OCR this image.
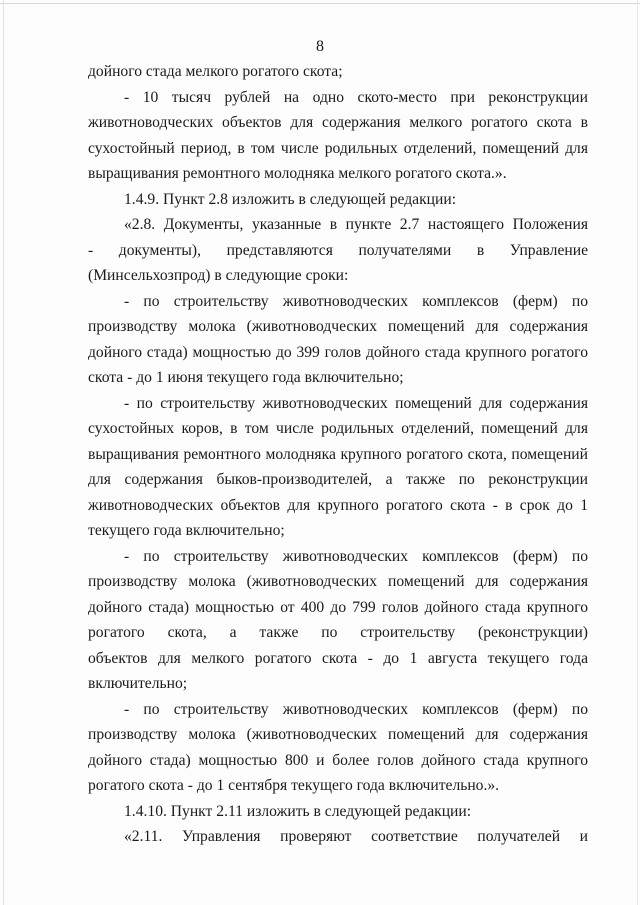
8
дойного стада мелкого рогатого скота;
- 10 тысяч рублей на одно ското-место при реконструкции
животноводческих объектов для содержания мелкого рогатого скота в
сухостойный период, в том числе родильных отделений, помещений для
выращивания ремонтного молодняка мелкого рогатого скота.».
1.4.9. Пункт 2.8 изложить в следующей редакции:
«2.8. Документы, указанные в пункте 2.7 настоящего Положения
- документы), представляются получателями в Управление
(Минсельхозпрод) в следующие сроки:
- по строительству животноводческих комплексов (ферм) по
производству молока (животноводческих помещений для содержания
дойного стада) мощностью до 399 голов дойного стада крупного рогатого
скота - до 1 июня текущего года включительно;
- по строительству животноводческих помещений для содержания
сухостойных коров, в том числе родильных отделений, помещений для
выращивания ремонтного молодняка крупного рогатого скота, помещений
для содержания быков-производителей, а также по реконструкции
животноводческих объектов для крупного рогатого скота - в срок до 1
текущего года включительно;
- по строительству животноводческих комплексов (ферм) по
производству молока (животноводческих помещений для содержания
дойного стада) мощностью от 400 до 799 голов дойного стада крупного
рогатого скота, а также по строительству (реконструкции)
объектов для мелкого рогатого скота - до 1 августа текущего года
включительно;
- по строительству животноводческих комплексов (ферм) по
производству молока (животноводческих помещений для содержания
дойного стада) мощностью 800 и более голов дойного стада крупного
рогатого скота - до 1 сентября текущего года включительно.».
1.4.10. Пункт 2.11 изложить в следующей редакции:
«2.11. Управления проверяют соответствие получателей и
